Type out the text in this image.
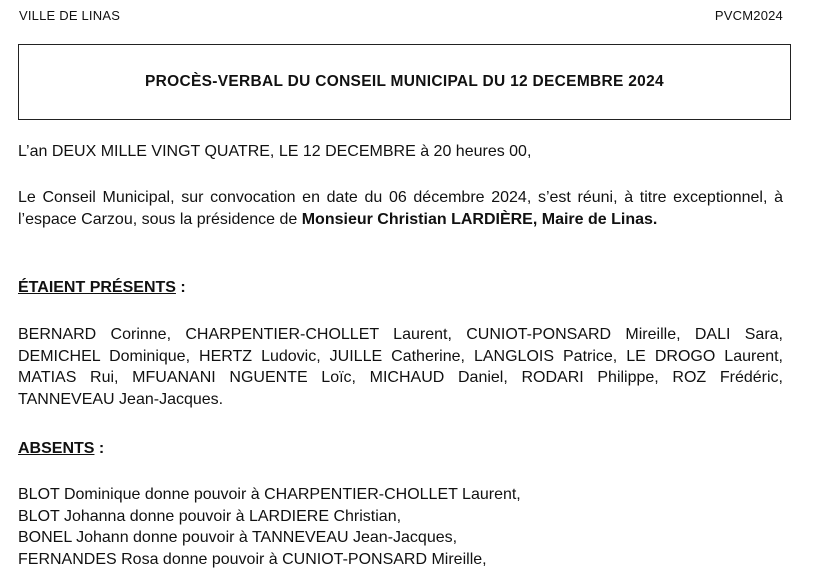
VILLE DE LINAS	PVCM2024
PROCÈS-VERBAL DU CONSEIL MUNICIPAL DU 12 DECEMBRE 2024
L’an DEUX MILLE VINGT QUATRE, LE 12 DECEMBRE à 20 heures 00,
Le Conseil Municipal, sur convocation en date du 06 décembre 2024, s’est réuni, à titre exceptionnel, à l’espace Carzou, sous la présidence de Monsieur Christian LARDIÈRE, Maire de Linas.
ÉTAIENT PRÉSENTS :
BERNARD Corinne, CHARPENTIER-CHOLLET Laurent, CUNIOT-PONSARD Mireille, DALI Sara, DEMICHEL Dominique, HERTZ Ludovic, JUILLE Catherine, LANGLOIS Patrice, LE DROGO Laurent, MATIAS Rui, MFUANANI NGUENTE Loïc, MICHAUD Daniel, RODARI Philippe, ROZ Frédéric, TANNEVEAU Jean-Jacques.
ABSENTS :
BLOT Dominique donne pouvoir à CHARPENTIER-CHOLLET Laurent,
BLOT Johanna donne pouvoir à LARDIERE Christian,
BONEL Johann donne pouvoir à TANNEVEAU Jean-Jacques,
FERNANDES Rosa donne pouvoir à CUNIOT-PONSARD Mireille,
